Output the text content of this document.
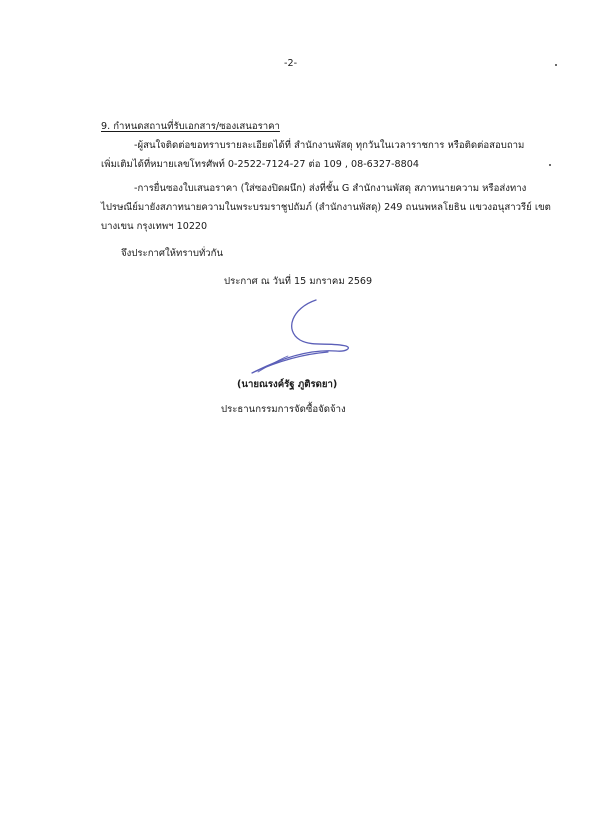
-2-
9. กำหนดสถานที่รับเอกสาร/ซองเสนอราคา
-ผู้สนใจติดต่อขอทราบรายละเอียดได้ที่ สำนักงานพัสดุ ทุกวันในเวลาราชการ หรือติดต่อสอบถาม
เพิ่มเติมได้ที่หมายเลขโทรศัพท์ 0-2522-7124-27 ต่อ 109 , 08-6327-8804
-การยื่นซองใบเสนอราคา (ใส่ซองปิดผนึก) ส่งที่ชั้น G สำนักงานพัสดุ สภาทนายความ หรือส่งทาง
ไปรษณีย์มายังสภาทนายความในพระบรมราชูปถัมภ์ (สำนักงานพัสดุ) 249 ถนนพหลโยธิน แขวงอนุสาวรีย์ เขต
บางเขน กรุงเทพฯ 10220
จึงประกาศให้ทราบทั่วกัน
ประกาศ ณ วันที่ 15 มกราคม 2569
(นายณรงค์รัฐ ภูติรดยา)
ประธานกรรมการจัดซื้อจัดจ้าง
